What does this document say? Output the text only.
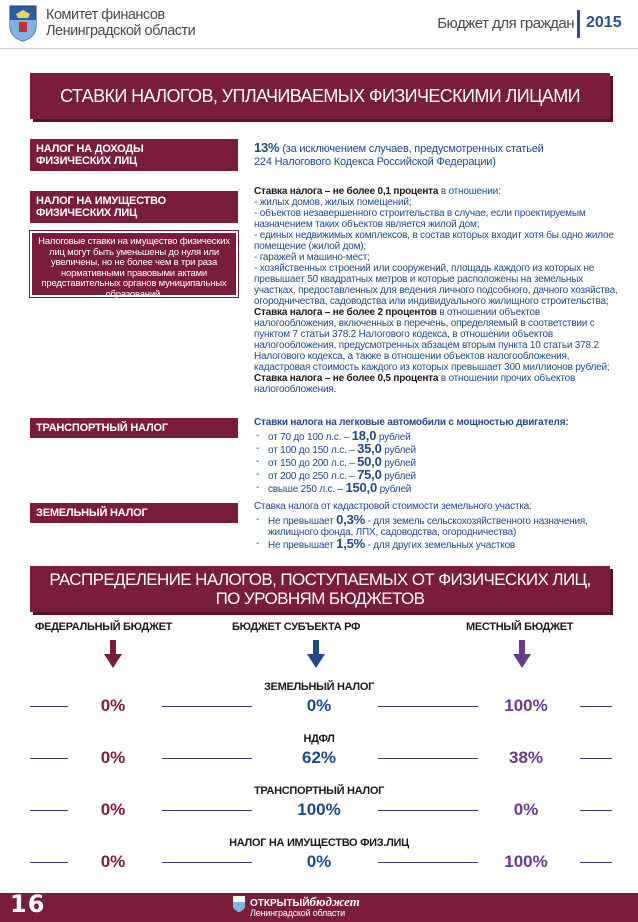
Комитет финансов
Ленинградской области	Бюджет для граждан 2015
СТАВКИ НАЛОГОВ, УПЛАЧИВАЕМЫХ ФИЗИЧЕСКИМИ ЛИЦАМИ
НАЛОГ НА ДОХОДЫ
ФИЗИЧЕСКИХ ЛИЦ
13% (за исключением случаев, предусмотренных статьей
224 Налогового Кодекса Российской Федерации)
НАЛОГ НА ИМУЩЕСТВО
ФИЗИЧЕСКИХ ЛИЦ
Налоговые ставки на имущество физических лиц могут быть уменьшены до нуля или увеличены, но не более чем в три раза нормативными правовыми актами представительных органов муниципальных образований.

Ставка налога – не более 0,1 процента в отношении:

- жилых домов, жилых помещений;

- объектов незавершенного строительства в случае, если проектируемым назначением таких объектов является жилой дом;

- единых недвижимых комплексов, в состав которых входит хотя бы одно жилое помещение (жилой дом);

- гаражей и машино-мест;

- хозяйственных строений или сооружений, площадь каждого из которых не превышает 50 квадратных метров и которые расположены на земельных участках, предоставленных для ведения личного подсобного, дачного хозяйства, огородничества, садоводства или индивидуального жилищного строительства;

Ставка налога – не более 2 процентов в отношении объектов налогообложения, включенных в перечень, определяемый в соответствии с пунктом 7 статьи 378.2 Налогового кодекса, в отношении объектов налогообложения, предусмотренных абзацем вторым пункта 10 статьи 378.2 Налогового кодекса, а также в отношении объектов налогообложения, кадастровая стоимость каждого из которых превышает 300 миллионов рублей;

Ставка налога – не более 0,5 процента в отношении прочих объектов налогообложения.

ТРАНСПОРТНЫЙ НАЛОГ	Ставки налога на легковые автомобили с мощностью двигателя:
- от 70 до 100 л.с. – 18,0 рублей
- от 100 до 150 л.с. – 35,0 рублей
- от 150 до 200 л.с. – 50,0 рублей
- от 200 до 250 л.с. – 75,0 рублей
- свыше 250 л.с. – 150,0 рублей
ЗЕМЕЛЬНЫЙ НАЛОГ
Ставка налога от кадастровой стоимости земельного участка:
- Не превышает 0,3% - для земель сельскохозяйственного назначения, жилищного фонда, ЛПХ, садоводства, огородничества)
- Не превышает 1,5% - для других земельных участков
РАСПРЕДЕЛЕНИЕ НАЛОГОВ, ПОСТУПАЕМЫХ ОТ ФИЗИЧЕСКИХ ЛИЦ,
ПО УРОВНЯМ БЮДЖЕТОВ
ФЕДЕРАЛЬНЫЙ БЮДЖЕТ	БЮДЖЕТ СУБЪЕКТА РФ	МЕСТНЫЙ БЮДЖЕТ
ЗЕМЕЛЬНЫЙ НАЛОГ
0%	0%	100%
НДФЛ
0%	62%	38%
ТРАНСПОРТНЫЙ НАЛОГ
0%	100%	0%
НАЛОГ НА ИМУЩЕСТВО ФИЗ.ЛИЦ
0%	0%	100%
16	ОТКРЫТЫЙбюджет
Ленинградской области
